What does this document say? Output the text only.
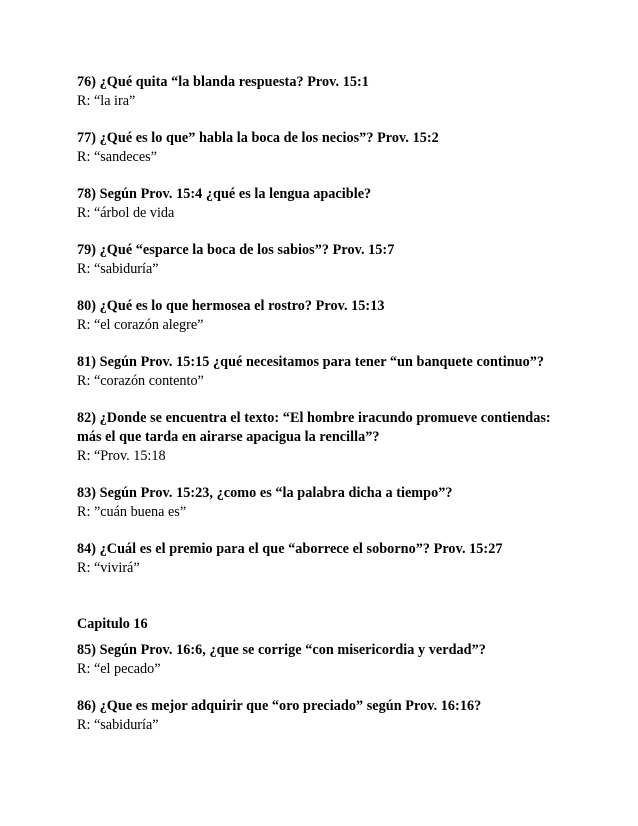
76) ¿Qué quita “la blanda respuesta? Prov. 15:1
R: “la ira”
77) ¿Qué es lo que” habla la boca de los necios”? Prov. 15:2
R: “sandeces”
78) Según Prov. 15:4 ¿qué es la lengua apacible?
R: “árbol de vida
79) ¿Qué “esparce la boca de los sabios”? Prov. 15:7
R: “sabiduría”
80) ¿Qué es lo que hermosea el rostro? Prov. 15:13
R: “el corazón alegre”
81) Según Prov. 15:15 ¿qué necesitamos para tener “un banquete continuo”?
R: “corazón contento”
82) ¿Donde se encuentra el texto: “El hombre iracundo promueve contiendas:
más el que tarda en airarse apacigua la rencilla”?
R: “Prov. 15:18
83) Según Prov. 15:23, ¿como es “la palabra dicha a tiempo”?
R: ”cuán buena es”
84) ¿Cuál es el premio para el que “aborrece el soborno”? Prov. 15:27
R: “vivirá”
Capitulo 16
85) Según Prov. 16:6, ¿que se corrige “con misericordia y verdad”?
R: “el pecado”
86) ¿Que es mejor adquirir que “oro preciado” según Prov. 16:16?
R: “sabiduría”
